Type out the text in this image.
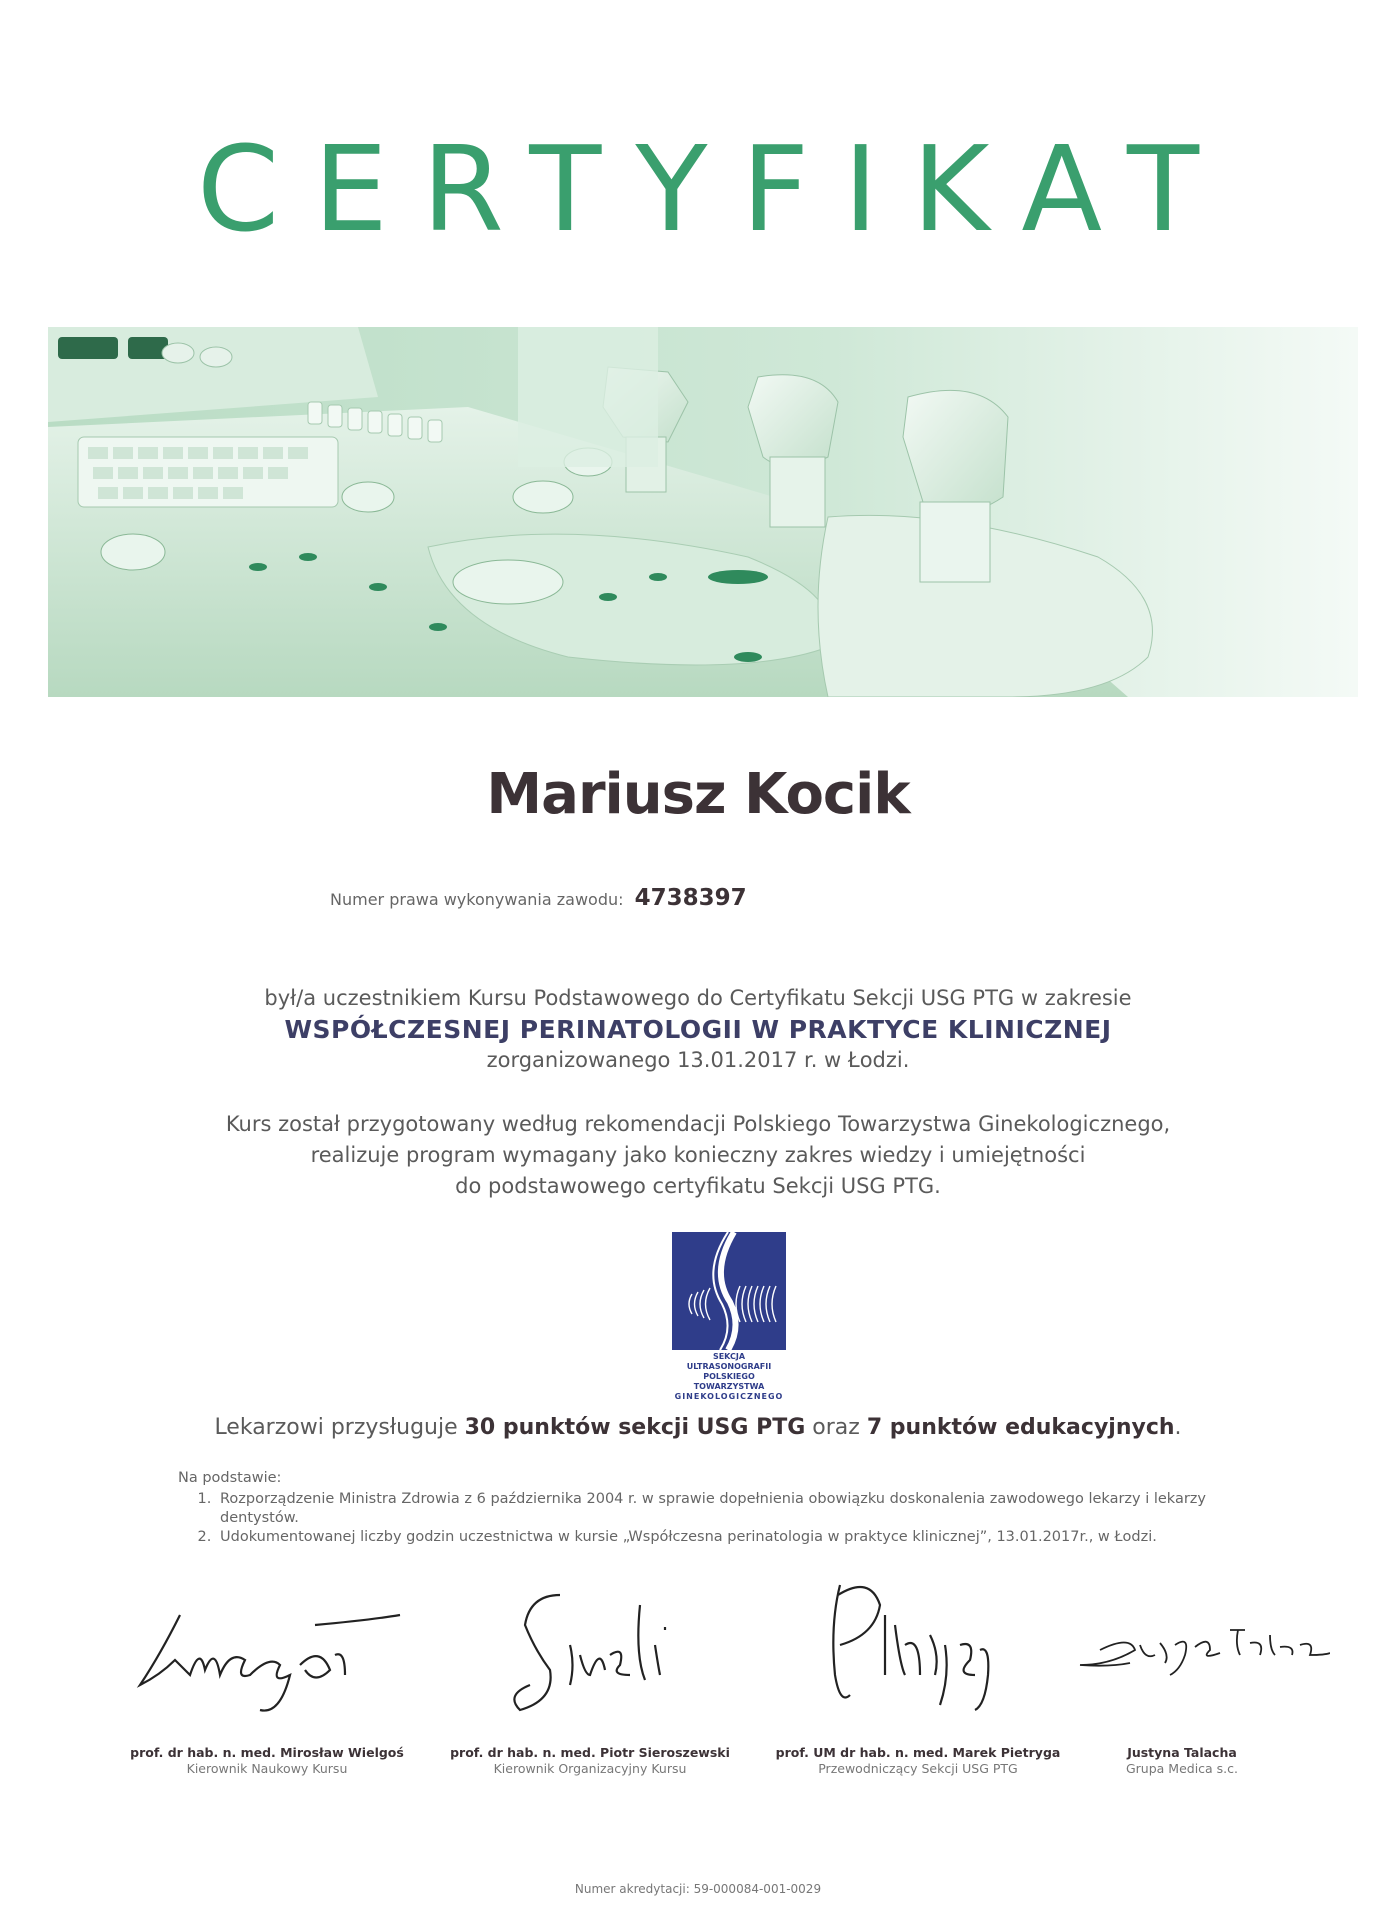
CERTYFIKAT
Mariusz Kocik
Numer prawa wykonywania zawodu: 4738397
był/a uczestnikiem Kursu Podstawowego do Certyfikatu Sekcji USG PTG w zakresie
WSPÓŁCZESNEJ PERINATOLOGII W PRAKTYCE KLINICZNEJ
zorganizowanego 13.01.2017 r. w Łodzi.
Kurs został przygotowany według rekomendacji Polskiego Towarzystwa Ginekologicznego,
realizuje program wymagany jako konieczny zakres wiedzy i umiejętności
do podstawowego certyfikatu Sekcji USG PTG.
SEKCJA ULTRASONOGRAFII
POLSKIEGO TOWARZYSTWA
GINEKOLOGICZNEGO
Lekarzowi przysługuje 30 punktów sekcji USG PTG oraz 7 punktów edukacyjnych.
Na podstawie:
1. Rozporządzenie Ministra Zdrowia z 6 października 2004 r. w sprawie dopełnienia obowiązku doskonalenia zawodowego lekarzy i lekarzy dentystów.
2. Udokumentowanej liczby godzin uczestnictwa w kursie „Współczesna perinatologia w praktyce klinicznej”, 13.01.2017r., w Łodzi.
prof. dr hab. n. med. Mirosław Wielgoś
Kierownik Naukowy Kursu
prof. dr hab. n. med. Piotr Sieroszewski
Kierownik Organizacyjny Kursu
prof. UM dr hab. n. med. Marek Pietryga
Przewodniczący Sekcji USG PTG
Justyna Talacha
Grupa Medica s.c.
Numer akredytacji: 59-000084-001-0029
